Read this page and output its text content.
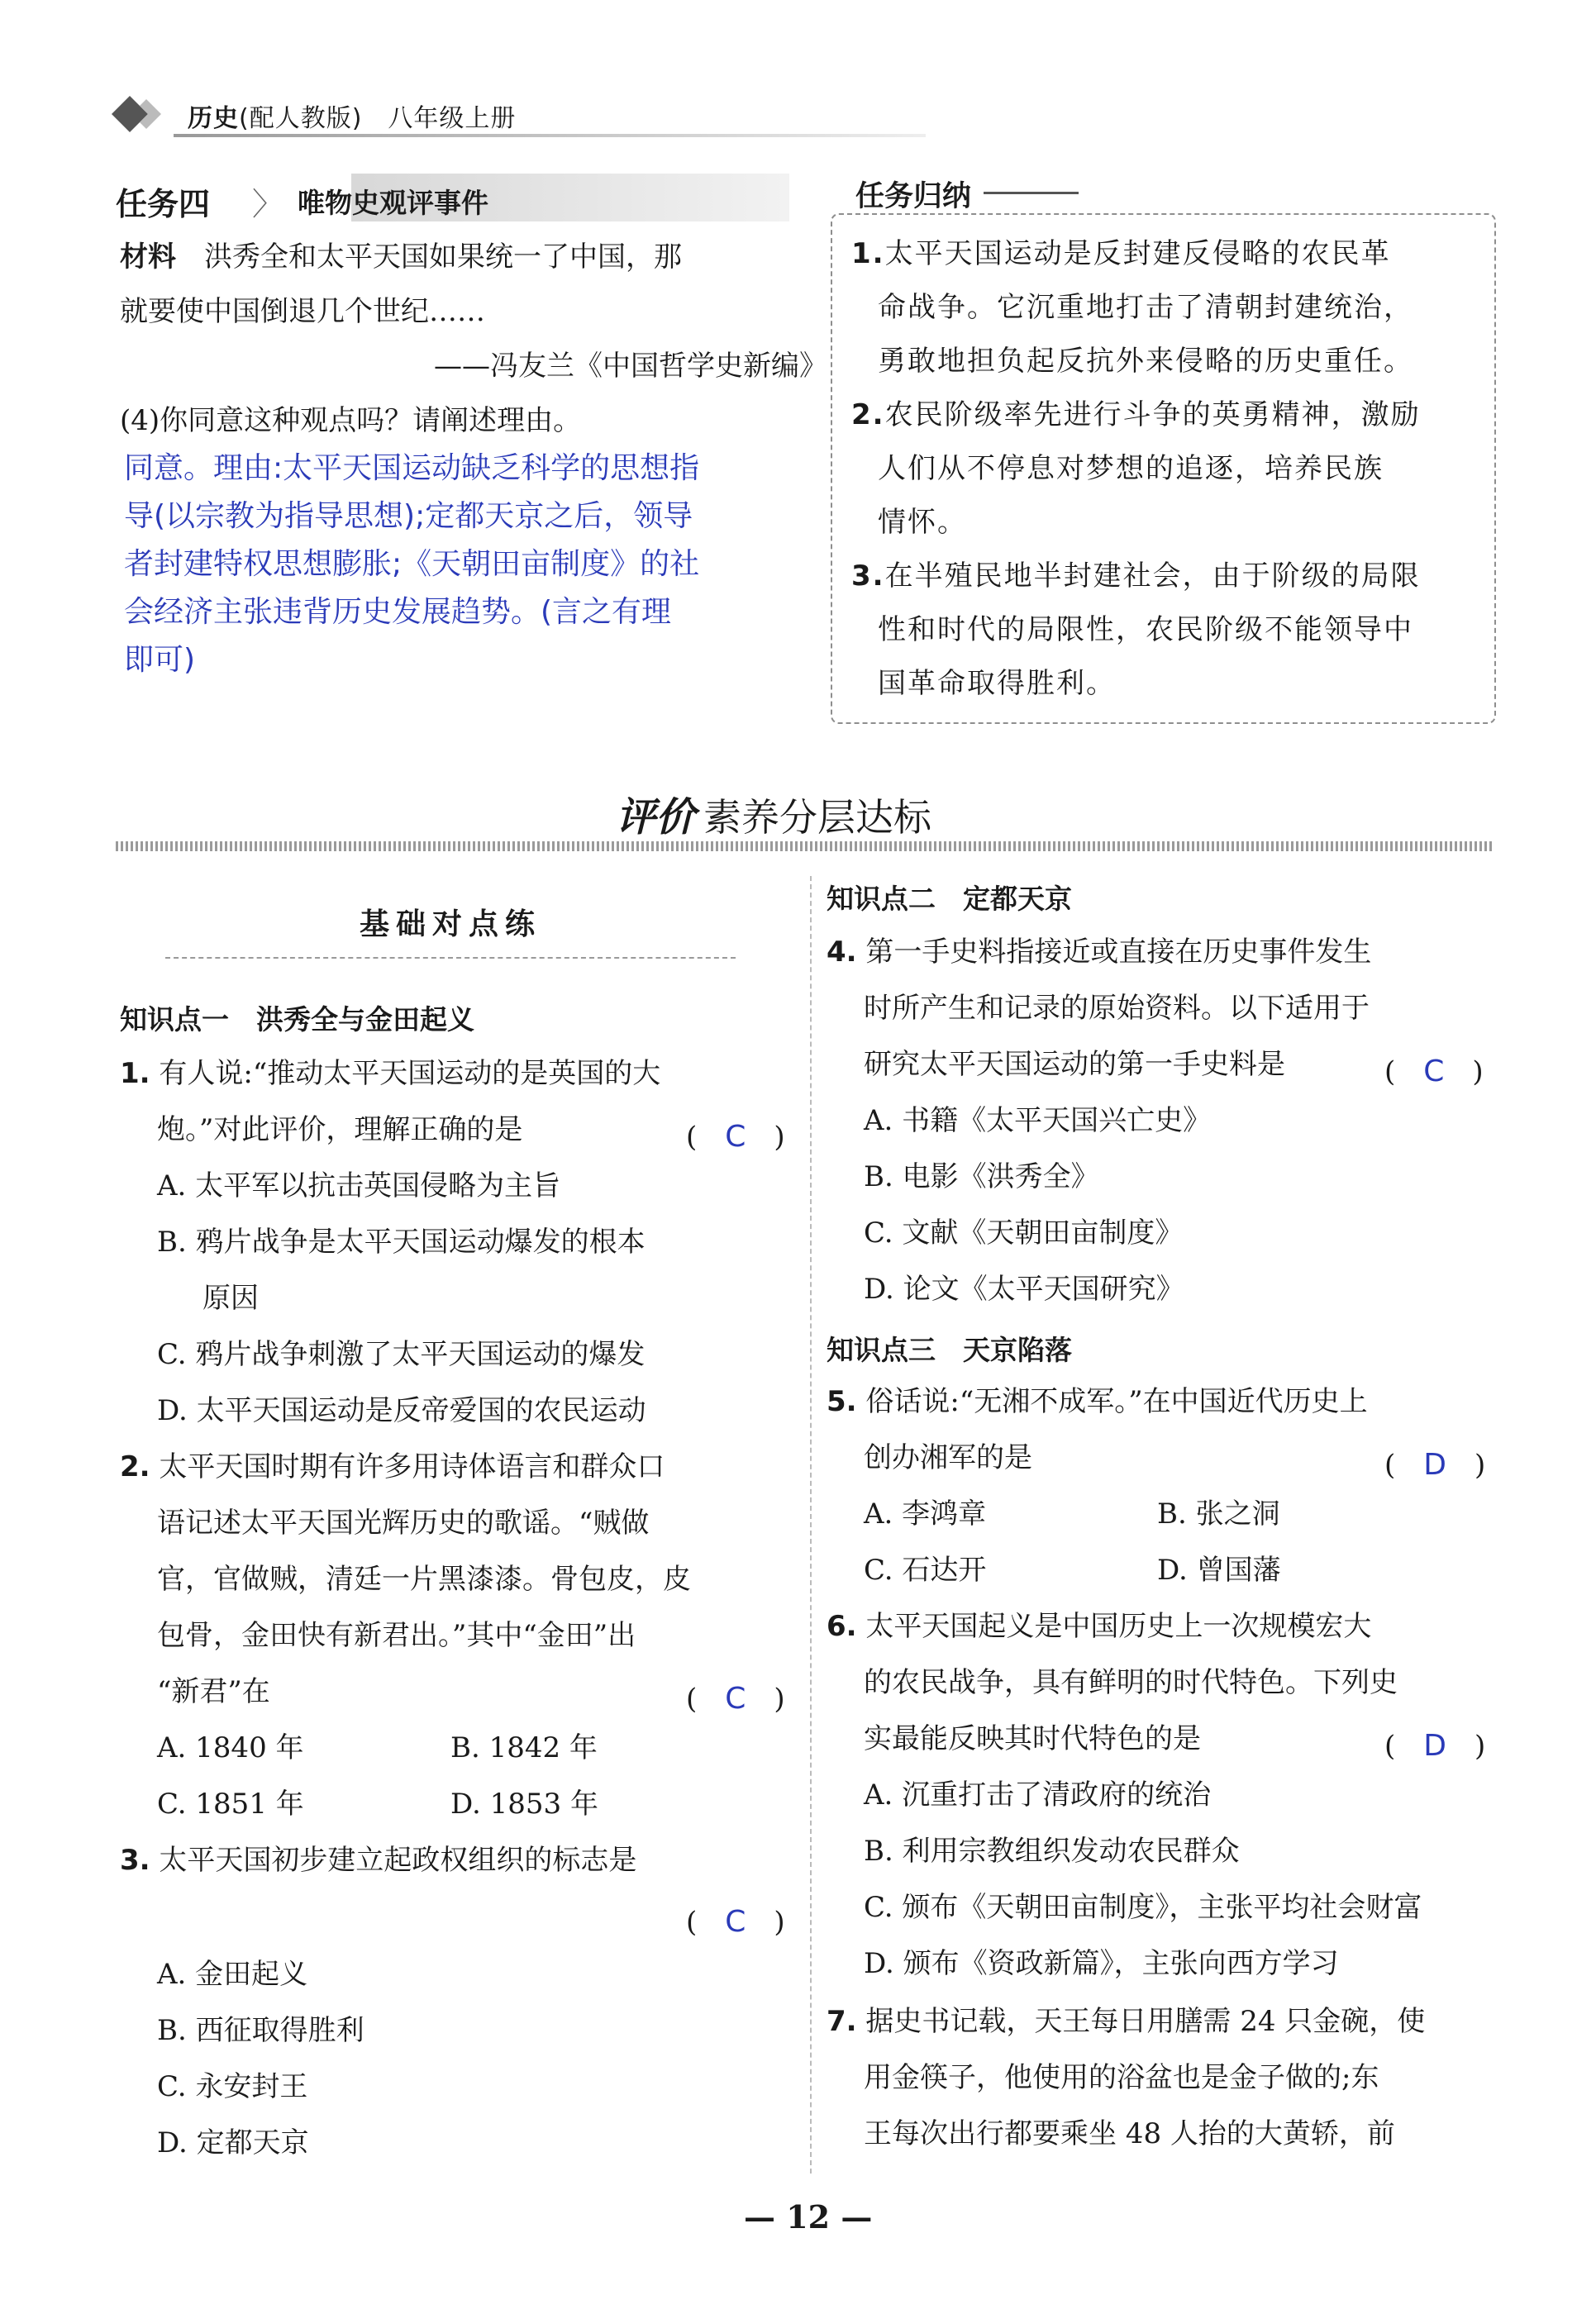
历史(配人教版)　 八年级上册
任务四 〉 唯物史观评事件
材料　 洪秀全和太平天国如果统一了中国，那
就要使中国倒退几个世纪……
——冯友兰《中国哲学史新编》
(4)你同意这种观点吗？请阐述理由。
同意。理由:太平天国运动缺乏科学的思想指
导(以宗教为指导思想);定都天京之后，领导
者封建特权思想膨胀;《天朝田亩制度》的社
会经济主张违背历史发展趋势。(言之有理
即可)
任务归纳
1.太平天国运动是反封建反侵略的农民革
命战争。它沉重地打击了清朝封建统治，
勇敢地担负起反抗外来侵略的历史重任。
2.农民阶级率先进行斗争的英勇精神，激励
人们从不停息对梦想的追逐，培养民族
情怀。
3.在半殖民地半封建社会，由于阶级的局限
性和时代的局限性，农民阶级不能领导中
国革命取得胜利。
评价 素养分层达标
基础对点练
知识点一　洪秀全与金田起义
1. 有人说:“推动太平天国运动的是英国的大
炮。”对此评价，理解正确的是	(　C　)
A. 太平军以抗击英国侵略为主旨
B. 鸦片战争是太平天国运动爆发的根本
原因
C. 鸦片战争刺激了太平天国运动的爆发
D. 太平天国运动是反帝爱国的农民运动
2. 太平天国时期有许多用诗体语言和群众口
语记述太平天国光辉历史的歌谣。“贼做
官，官做贼，清廷一片黑漆漆。骨包皮，皮
包骨，金田快有新君出。”其中“金田”出
“新君”在	(　C　)
A. 1840 年	B. 1842 年
C. 1851 年	D. 1853 年
3. 太平天国初步建立起政权组织的标志是
(　C　)
A. 金田起义
B. 西征取得胜利
C. 永安封王
D. 定都天京
知识点二　定都天京
4. 第一手史料指接近或直接在历史事件发生
时所产生和记录的原始资料。以下适用于
研究太平天国运动的第一手史料是	(　C　)
A. 书籍《太平天国兴亡史》
B. 电影《洪秀全》
C. 文献《天朝田亩制度》
D. 论文《太平天国研究》
知识点三　天京陷落
5. 俗话说:“无湘不成军。”在中国近代历史上
创办湘军的是	(　D　)
A. 李鸿章	B. 张之洞
C. 石达开	D. 曾国藩
6. 太平天国起义是中国历史上一次规模宏大
的农民战争，具有鲜明的时代特色。下列史
实最能反映其时代特色的是	(　D　)
A. 沉重打击了清政府的统治
B. 利用宗教组织发动农民群众
C. 颁布《天朝田亩制度》，主张平均社会财富
D. 颁布《资政新篇》，主张向西方学习
7. 据史书记载，天王每日用膳需 24 只金碗，使
用金筷子，他使用的浴盆也是金子做的;东
王每次出行都要乘坐 48 人抬的大黄轿，前
— 12 —
